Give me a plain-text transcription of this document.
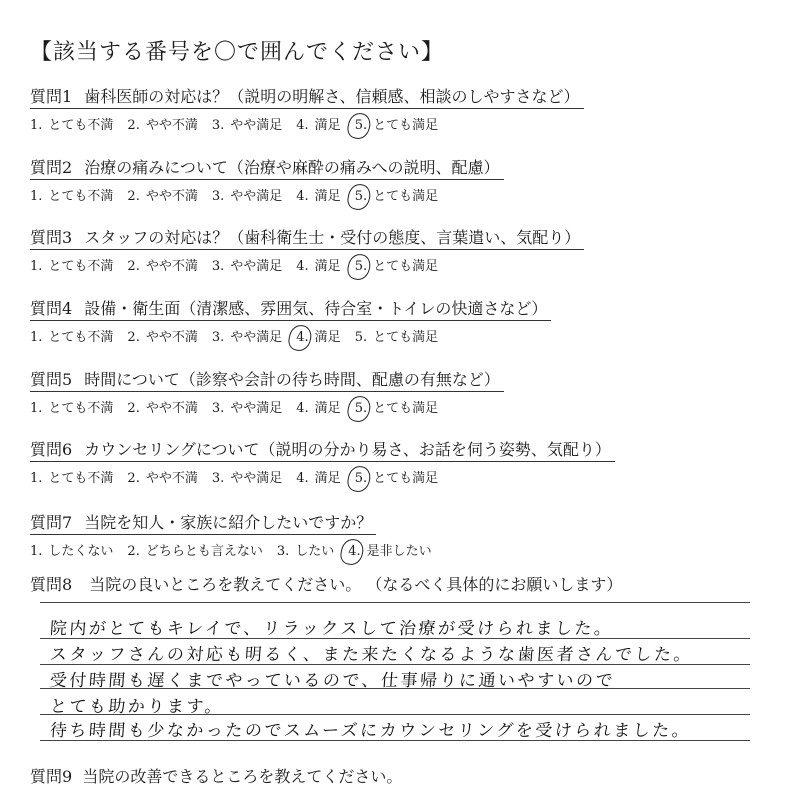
【該当する番号を〇で囲んでください】
質問1 歯科医師の対応は？（説明の明解さ、信頼感、相談のしやすさなど）
1. とても不満 2. やや不満 3. やや満足 4. 満足 5. とても満足
質問2 治療の痛みについて（治療や麻酔の痛みへの説明、配慮）
1. とても不満 2. やや不満 3. やや満足 4. 満足 5. とても満足
質問3 スタッフの対応は？（歯科衛生士・受付の態度、言葉遣い、気配り）
1. とても不満 2. やや不満 3. やや満足 4. 満足 5. とても満足
質問4 設備・衛生面（清潔感、雰囲気、待合室・トイレの快適さなど）
1. とても不満 2. やや不満 3. やや満足 4. 満足 5. とても満足
質問5 時間について（診察や会計の待ち時間、配慮の有無など）
1. とても不満 2. やや不満 3. やや満足 4. 満足 5. とても満足
質問6 カウンセリングについて（説明の分かり易さ、お話を伺う姿勢、気配り）
1. とても不満 2. やや不満 3. やや満足 4. 満足 5. とても満足
質問7 当院を知人・家族に紹介したいですか？
1. したくない 2. どちらとも言えない 3. したい 4. 是非したい
質問8 当院の良いところを教えてください。 （なるべく具体的にお願いします）
院内がとてもキレイで、リラックスして治療が受けられました。
スタッフさんの対応も明るく、また来たくなるような歯医者さんでした。
受付時間も遅くまでやっているので、仕事帰りに通いやすいので
とても助かります。
待ち時間も少なかったのでスムーズにカウンセリングを受けられました。
質問9 当院の改善できるところを教えてください。
